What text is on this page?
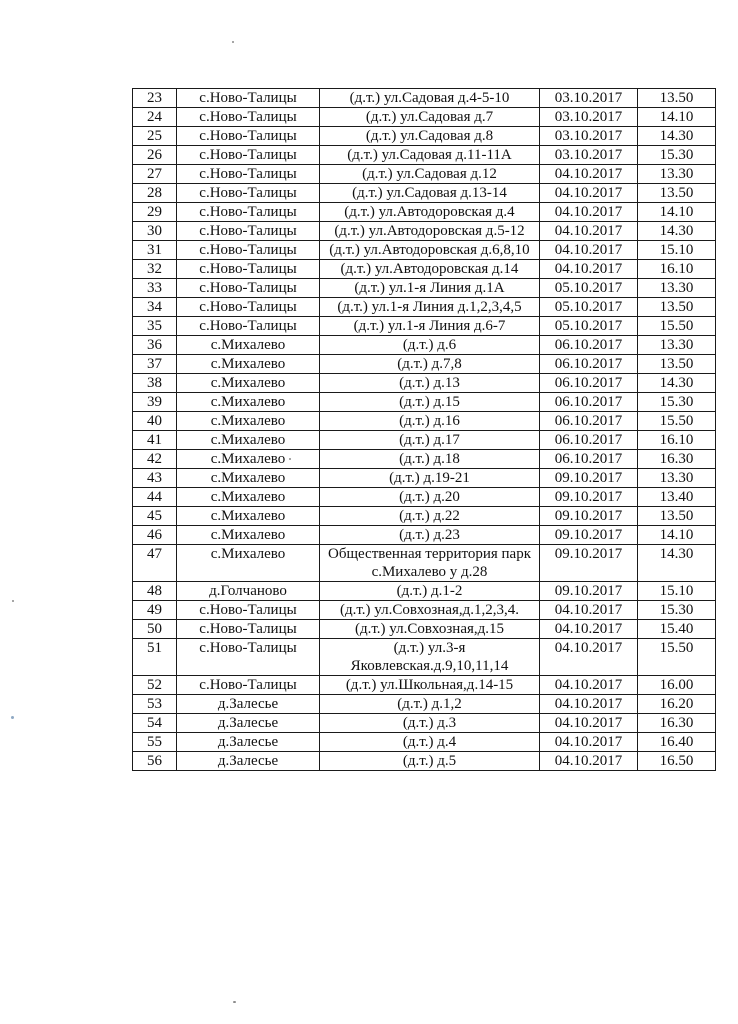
23	с.Ново-Талицы	(д.т.) ул.Садовая д.4-5-10	03.10.2017	13.50
24	с.Ново-Талицы	(д.т.) ул.Садовая д.7	03.10.2017	14.10
25	с.Ново-Талицы	(д.т.) ул.Садовая д.8	03.10.2017	14.30
26	с.Ново-Талицы	(д.т.) ул.Садовая д.11-11А	03.10.2017	15.30
27	с.Ново-Талицы	(д.т.) ул.Садовая д.12	04.10.2017	13.30
28	с.Ново-Талицы	(д.т.) ул.Садовая д.13-14	04.10.2017	13.50
29	с.Ново-Талицы	(д.т.) ул.Автодоровская д.4	04.10.2017	14.10
30	с.Ново-Талицы	(д.т.) ул.Автодоровская д.5-12	04.10.2017	14.30
31	с.Ново-Талицы	(д.т.) ул.Автодоровская д.6,8,10	04.10.2017	15.10
32	с.Ново-Талицы	(д.т.) ул.Автодоровская д.14	04.10.2017	16.10
33	с.Ново-Талицы	(д.т.) ул.1-я Линия д.1А	05.10.2017	13.30
34	с.Ново-Талицы	(д.т.) ул.1-я Линия д.1,2,3,4,5	05.10.2017	13.50
35	с.Ново-Талицы	(д.т.) ул.1-я Линия д.6-7	05.10.2017	15.50
36	с.Михалево	(д.т.) д.6	06.10.2017	13.30
37	с.Михалево	(д.т.) д.7,8	06.10.2017	13.50
38	с.Михалево	(д.т.) д.13	06.10.2017	14.30
39	с.Михалево	(д.т.) д.15	06.10.2017	15.30
40	с.Михалево	(д.т.) д.16	06.10.2017	15.50
41	с.Михалево	(д.т.) д.17	06.10.2017	16.10
42	с.Михалево	(д.т.) д.18	06.10.2017	16.30
43	с.Михалево	(д.т.) д.19-21	09.10.2017	13.30
44	с.Михалево	(д.т.) д.20	09.10.2017	13.40
45	с.Михалево	(д.т.) д.22	09.10.2017	13.50
46	с.Михалево	(д.т.) д.23	09.10.2017	14.10
47	с.Михалево	Общественная территория парк с.Михалево у д.28	09.10.2017	14.30
48	д.Голчаново	(д.т.) д.1-2	09.10.2017	15.10
49	с.Ново-Талицы	(д.т.) ул.Совхозная,д.1,2,3,4.	04.10.2017	15.30
50	с.Ново-Талицы	(д.т.) ул.Совхозная,д.15	04.10.2017	15.40
51	с.Ново-Талицы	(д.т.) ул.3-я Яковлевская.д.9,10,11,14	04.10.2017	15.50
52	с.Ново-Талицы	(д.т.) ул.Школьная,д.14-15	04.10.2017	16.00
53	д.Залесье	(д.т.) д.1,2	04.10.2017	16.20
54	д.Залесье	(д.т.) д.3	04.10.2017	16.30
55	д.Залесье	(д.т.) д.4	04.10.2017	16.40
56	д.Залесье	(д.т.) д.5	04.10.2017	16.50
